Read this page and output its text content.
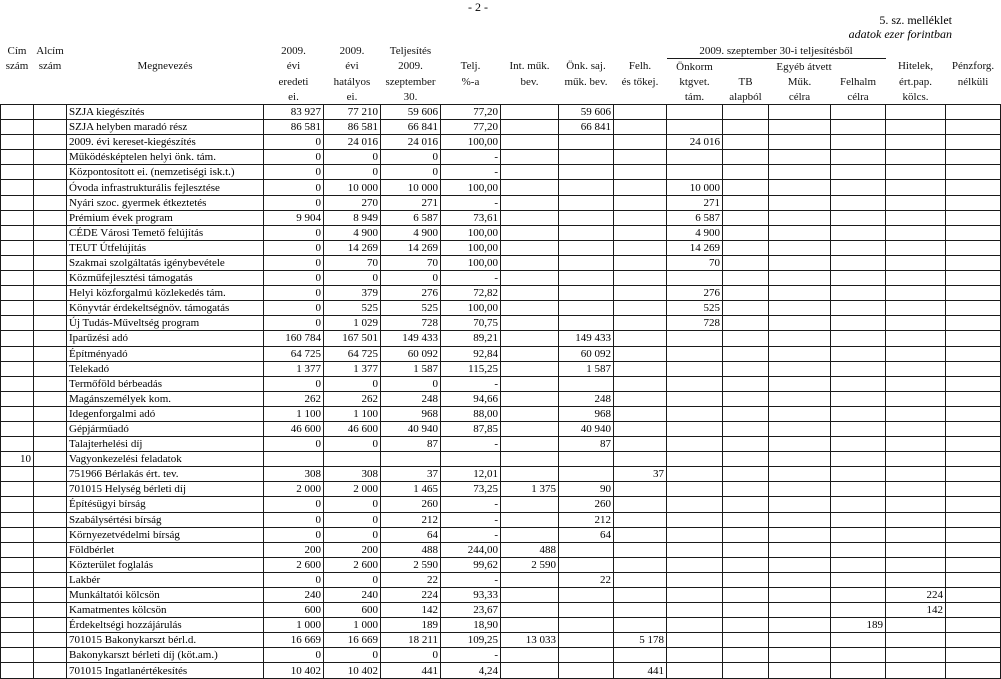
- 2 -
5. sz. melléklet
adatok ezer forintban
Cím	Alcím		2009.	2009.	Teljesítés					2009. szeptember 30-i teljesítésből					
szám	szám	Megnevezés	évi	évi	2009.	Telj.	Int. műk.	Önk. saj.	Felh.	Önkorm	Egyéb átvett			Hitelek,	Pénzforg.
			eredeti	hatályos	szeptember	%-a	bev.	műk. bev.	és tőkej.	ktgvet.	TB	Műk.	Felhalm	ért.pap.	nélküli
			ei.	ei.	30.					tám.	alapból	célra	célra	kölcs.	
		SZJA kiegészítés	83 927	77 210	59 606	77,20		59 606							
		SZJA helyben maradó rész	86 581	86 581	66 841	77,20		66 841							
		2009. évi kereset-kiegészítés	0	24 016	24 016	100,00				24 016					
		Működésképtelen helyi önk. tám.	0	0	0	-									
		Központosított ei. (nemzetiségi isk.t.)	0	0	0	-									
		Óvoda infrastrukturális fejlesztése	0	10 000	10 000	100,00				10 000					
		Nyári szoc. gyermek étkeztetés	0	270	271	-				271					
		Prémium évek program	9 904	8 949	6 587	73,61				6 587					
		CÉDE Városi Temető felújítás	0	4 900	4 900	100,00				4 900					
		TEUT Útfelújítás	0	14 269	14 269	100,00				14 269					
		Szakmai szolgáltatás igénybevétele	0	70	70	100,00				70					
		Közműfejlesztési támogatás	0	0	0	-									
		Helyi közforgalmú közlekedés tám.	0	379	276	72,82				276					
		Könyvtár érdekeltségnöv. támogatás	0	525	525	100,00				525					
		Új Tudás-Műveltség program	0	1 029	728	70,75				728					
		Iparűzési adó	160 784	167 501	149 433	89,21		149 433							
		Építményadó	64 725	64 725	60 092	92,84		60 092							
		Telekadó	1 377	1 377	1 587	115,25		1 587							
		Termőföld bérbeadás	0	0	0	-									
		Magánszemélyek kom.	262	262	248	94,66		248							
		Idegenforgalmi adó	1 100	1 100	968	88,00		968							
		Gépjárműadó	46 600	46 600	40 940	87,85		40 940							
		Talajterhelési díj	0	0	87	-		87							
10		Vagyonkezelési feladatok													
		751966 Bérlakás ért. tev.	308	308	37	12,01			37						
		701015 Helység bérleti díj	2 000	2 000	1 465	73,25	1 375	90							
		Építésügyi bírság	0	0	260	-		260							
		Szabálysértési bírság	0	0	212	-		212							
		Környezetvédelmi bírság	0	0	64	-		64							
		Földbérlet	200	200	488	244,00	488								
		Közterület foglalás	2 600	2 600	2 590	99,62	2 590								
		Lakbér	0	0	22	-		22							
		Munkáltatói kölcsön	240	240	224	93,33								224	
		Kamatmentes kölcsön	600	600	142	23,67								142	
		Érdekeltségi hozzájárulás	1 000	1 000	189	18,90							189		
		701015 Bakonykarszt bérl.d.	16 669	16 669	18 211	109,25	13 033		5 178						
		Bakonykarszt bérleti díj (köt.am.)	0	0	0	-									
		701015 Ingatlanértékesítés	10 402	10 402	441	4,24			441						
